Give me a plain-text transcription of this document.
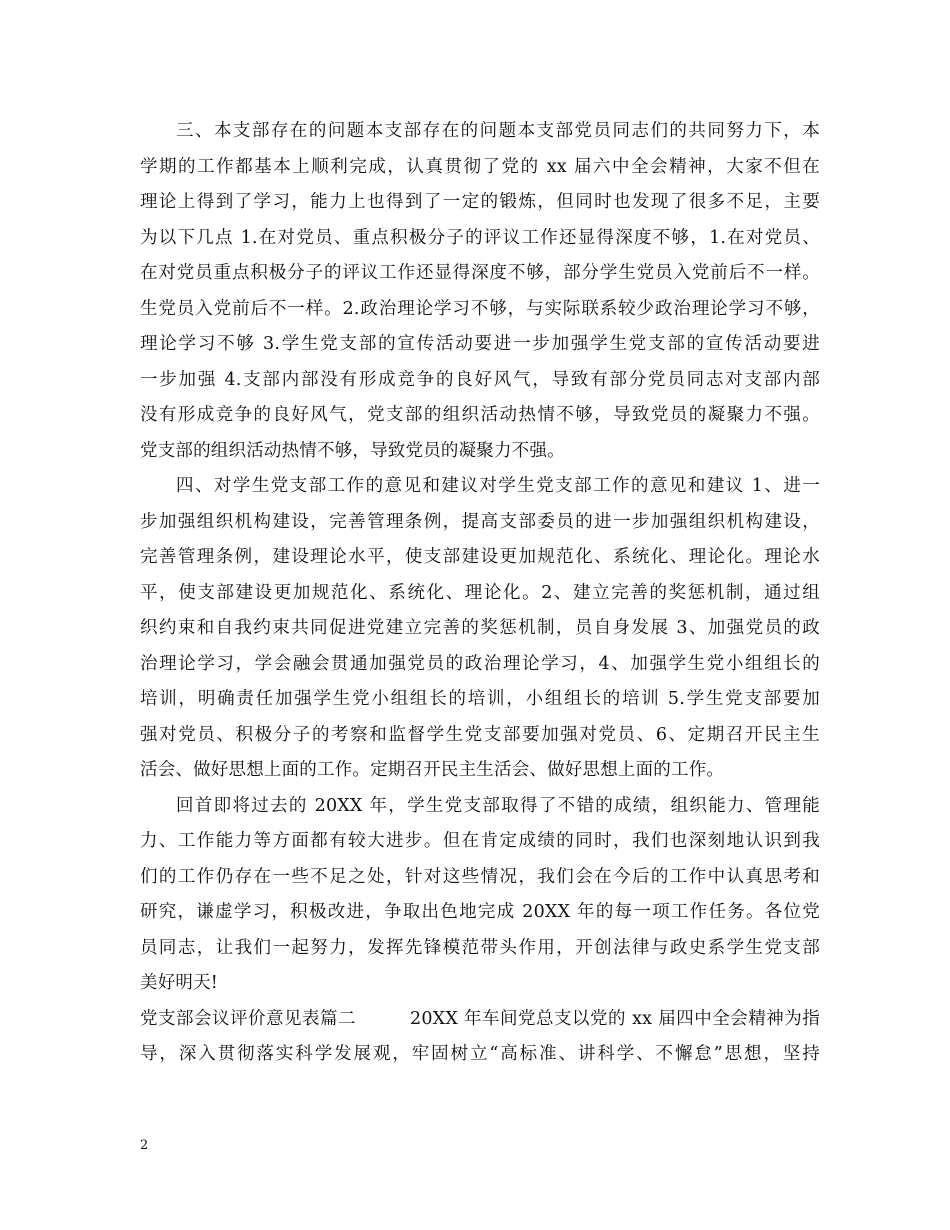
三、本支部存在的问题本支部存在的问题本支部党员同志们的共同努力下，本
学期的工作都基本上顺利完成，认真贯彻了党的 xx 届六中全会精神，大家不但在
理论上得到了学习，能力上也得到了一定的锻炼，但同时也发现了很多不足，主要
为以下几点 1.在对党员、重点积极分子的评议工作还显得深度不够，1.在对党员、
在对党员重点积极分子的评议工作还显得深度不够，部分学生党员入党前后不一样。
生党员入党前后不一样。2.政治理论学习不够，与实际联系较少政治理论学习不够，
理论学习不够 3.学生党支部的宣传活动要进一步加强学生党支部的宣传活动要进
一步加强 4.支部内部没有形成竞争的良好风气，导致有部分党员同志对支部内部
没有形成竞争的良好风气，党支部的组织活动热情不够，导致党员的凝聚力不强。
党支部的组织活动热情不够，导致党员的凝聚力不强。
四、对学生党支部工作的意见和建议对学生党支部工作的意见和建议 1、进一
步加强组织机构建设，完善管理条例，提高支部委员的进一步加强组织机构建设，
完善管理条例，建设理论水平，使支部建设更加规范化、系统化、理论化。理论水
平，使支部建设更加规范化、系统化、理论化。2、建立完善的奖惩机制，通过组
织约束和自我约束共同促进党建立完善的奖惩机制，员自身发展 3、加强党员的政
治理论学习，学会融会贯通加强党员的政治理论学习，4、加强学生党小组组长的
培训，明确责任加强学生党小组组长的培训，小组组长的培训 5.学生党支部要加
强对党员、积极分子的考察和监督学生党支部要加强对党员、6、定期召开民主生
活会、做好思想上面的工作。定期召开民主生活会、做好思想上面的工作。
回首即将过去的 20XX 年，学生党支部取得了不错的成绩，组织能力、管理能
力、工作能力等方面都有较大进步。但在肯定成绩的同时，我们也深刻地认识到我
们的工作仍存在一些不足之处，针对这些情况，我们会在今后的工作中认真思考和
研究，谦虚学习，积极改进，争取出色地完成 20XX 年的每一项工作任务。各位党
员同志，让我们一起努力，发挥先锋模范带头作用，开创法律与政史系学生党支部
美好明天!
党支部会议评价意见表篇二　　　20XX 年车间党总支以党的 xx 届四中全会精神为指
导，深入贯彻落实科学发展观，牢固树立“高标准、讲科学、不懈怠”思想，坚持
2
